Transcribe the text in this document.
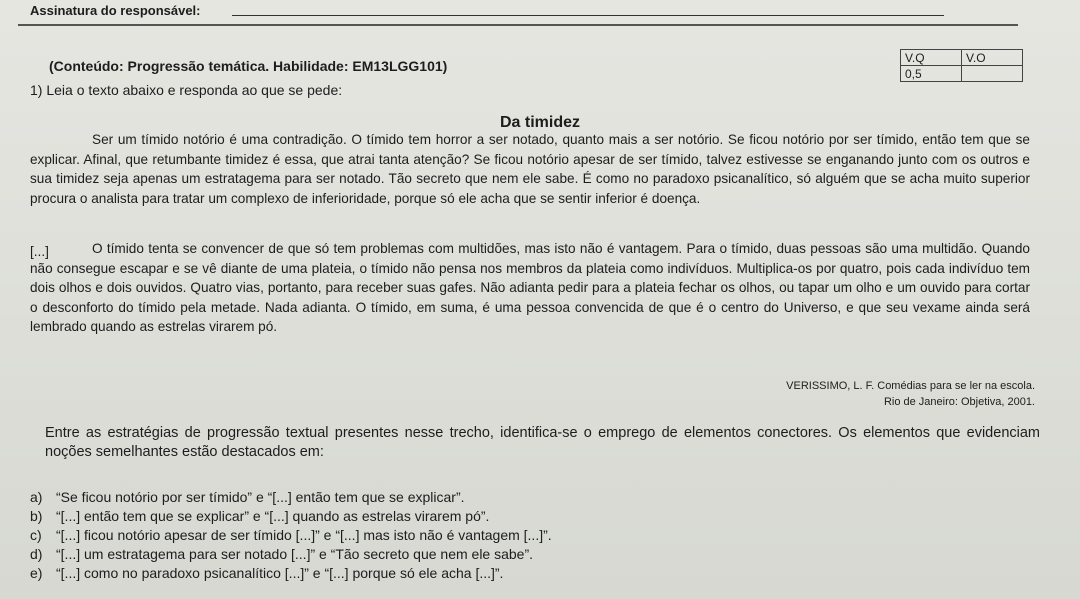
Assinatura do responsável:
(Conteúdo: Progressão temática. Habilidade: EM13LGG101)
1) Leia o texto abaixo e responda ao que se pede:
V.Q	V.O
0,5	
Da timidez
Ser um tímido notório é uma contradição. O tímido tem horror a ser notado, quanto mais a ser notório. Se ficou notório por ser tímido, então tem que se explicar. Afinal, que retumbante timidez é essa, que atrai tanta atenção? Se ficou notório apesar de ser tímido, talvez estivesse se enganando junto com os outros e sua timidez seja apenas um estratagema para ser notado. Tão secreto que nem ele sabe. É como no paradoxo psicanalítico, só alguém que se acha muito superior procura o analista para tratar um complexo de inferioridade, porque só ele acha que se sentir inferior é doença.
[...]	O tímido tenta se convencer de que só tem problemas com multidões, mas isto não é vantagem. Para o tímido, duas pessoas são uma multidão. Quando não consegue escapar e se vê diante de uma plateia, o tímido não pensa nos membros da plateia como indivíduos. Multiplica-os por quatro, pois cada indivíduo tem dois olhos e dois ouvidos. Quatro vias, portanto, para receber suas gafes. Não adianta pedir para a plateia fechar os olhos, ou tapar um olho e um ouvido para cortar o desconforto do tímido pela metade. Nada adianta. O tímido, em suma, é uma pessoa convencida de que é o centro do Universo, e que seu vexame ainda será lembrado quando as estrelas virarem pó.
VERISSIMO, L. F. Comédias para se ler na escola.
Rio de Janeiro: Objetiva, 2001.
Entre as estratégias de progressão textual presentes nesse trecho, identifica-se o emprego de elementos conectores. Os elementos que evidenciam noções semelhantes estão destacados em:
a) “Se ficou notório por ser tímido” e “[...] então tem que se explicar”.
b) “[...] então tem que se explicar” e “[...] quando as estrelas virarem pó”.
c)	“[...] ficou notório apesar de ser tímido [...]” e “[...] mas isto não é vantagem [...]”.
d) “[...] um estratagema para ser notado [...]” e “Tão secreto que nem ele sabe”.
e) “[...] como no paradoxo psicanalítico [...]” e “[...] porque só ele acha [...]”.
